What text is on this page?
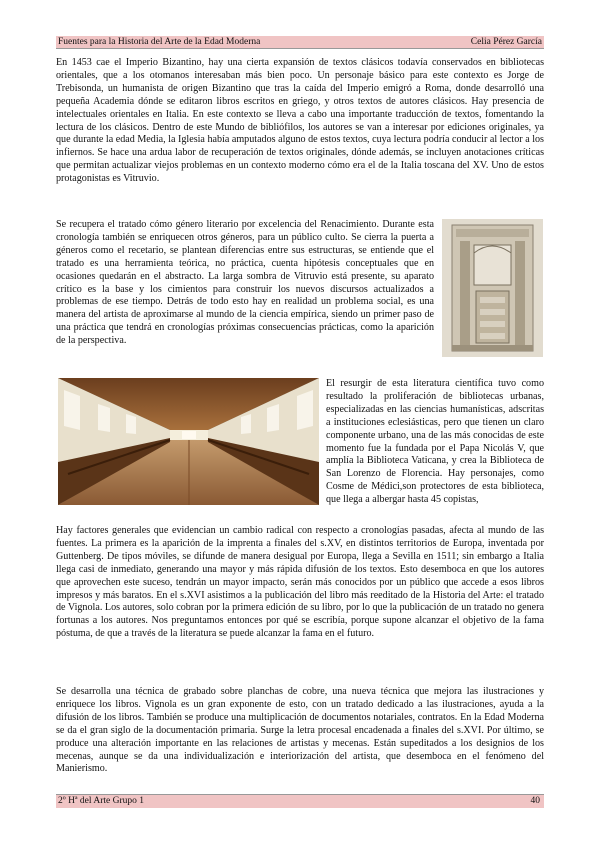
Fuentes para la Historia del Arte de la Edad Moderna	Celia Pérez García

En 1453 cae el Imperio Bizantino, hay una cierta expansión de textos clásicos todavía conservados en bibliotecas orientales, que a los otomanos interesaban más bien poco. Un personaje básico para este contexto es Jorge de Trebisonda, un humanista de origen Bizantino que tras la caída del Imperio emigró a Roma, donde desarrolló una pequeña Academia dónde se editaron libros escritos en griego, y otros textos de autores clásicos. Hay presencia de intelectuales orientales en Italia. En este contexto se lleva a cabo una importante traducción de textos, fomentando la lectura de los clásicos. Dentro de este Mundo de bibliófilos, los autores se van a interesar por ediciones originales, ya que durante la edad Media, la Iglesia había amputados alguno de estos textos, cuya lectura podría conducir al lector a los infiernos. Se hace una ardua labor de recuperación de textos originales, dónde además, se incluyen anotaciones críticas que permitan actualizar viejos problemas en un contexto moderno cómo era el de la Italia toscana del XV. Uno de estos protagonistas es Vitruvio.

Se recupera el tratado cómo género literario por excelencia del Renacimiento. Durante esta cronología también se enriquecen otros géneros, para un público culto. Se cierra la puerta a géneros como el recetario, se plantean diferencias entre sus estructuras, se entiende que el tratado es una herramienta teórica, no práctica, cuenta hipótesis conceptuales que en ocasiones quedarán en el abstracto. La larga sombra de Vitruvio está presente, su aparato crítico es la base y los cimientos para construir los nuevos discursos actualizados a problemas de ese tiempo. Detrás de todo esto hay en realidad un problema social, es una manera del artista de aproximarse al mundo de la ciencia empírica, siendo un primer paso de una práctica que tendrá en cronologías próximas consecuencias prácticas, como la aparición de la perspectiva.

El resurgir de esta literatura científica tuvo como resultado la proliferación de bibliotecas urbanas, especializadas en las ciencias humanísticas, adscritas a instituciones eclesiásticas, pero que tienen un claro componente urbano, una de las más conocidas de este momento fue la fundada por el Papa Nicolás V, que amplía la Biblioteca Vaticana, y crea la Biblioteca de San Lorenzo de Florencia. Hay personajes, como Cosme de Médici,son protectores de esta biblioteca, que llega a albergar hasta 45 copistas,

Hay factores generales que evidencian un cambio radical con respecto a cronologías pasadas, afecta al mundo de las fuentes. La primera es la aparición de la imprenta a finales del s.XV, en distintos territorios de Europa, inventada por Guttenberg. De tipos móviles, se difunde de manera desigual por Europa, llega a Sevilla en 1511; sin embargo a Italia llega casi de inmediato, generando una mayor y más rápida difusión de los textos. Esto desemboca en que los autores que aprovechen este suceso, tendrán un mayor impacto, serán más conocidos por un público que accede a esos libros impresos y más baratos. En el s.XVI asistimos a la publicación del libro más reeditado de la Historia del Arte: el tratado de Vignola. Los autores, solo cobran por la primera edición de su libro, por lo que la publicación de un tratado no genera fortunas a los autores. Nos preguntamos entonces por qué se escribía, porque supone alcanzar el objetivo de la fama póstuma, de que a través de la literatura se puede alcanzar la fama en el futuro.

Se desarrolla una técnica de grabado sobre planchas de cobre, una nueva técnica que mejora las ilustraciones y enriquece los libros. Vignola es un gran exponente de esto, con un tratado dedicado a las ilustraciones, ayuda a la difusión de los libros. También se produce una multiplicación de documentos notariales, contratos. En la Edad Moderna se da el gran siglo de la documentación primaria. Surge la letra procesal encadenada a finales del s.XVI. Por último, se produce una alteración importante en las relaciones de artistas y mecenas. Están supeditados a los designios de los mecenas, aunque se da una individualización e interiorización del artista, que desemboca en el fenómeno del Manierismo.

2º Hª del Arte Grupo 1	40
